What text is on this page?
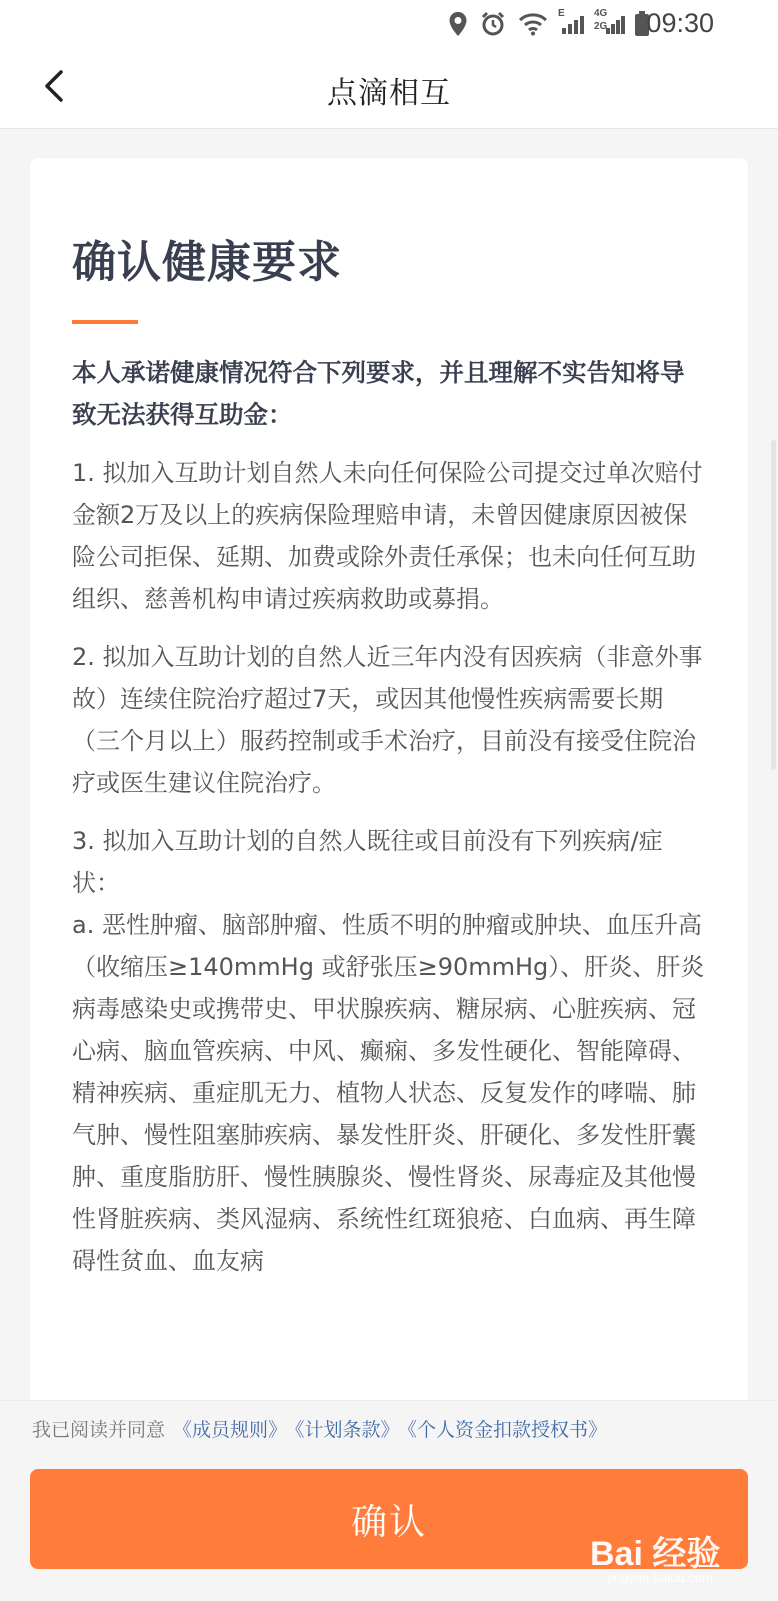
E	4G
2G 09:30
点滴相互
确认健康要求

本人承诺健康情况符合下列要求，并且理解不实告知将导致无法获得互助金：

1. 拟加入互助计划自然人未向任何保险公司提交过单次赔付金额2万及以上的疾病保险理赔申请，未曾因健康原因被保险公司拒保、延期、加费或除外责任承保；也未向任何互助组织、慈善机构申请过疾病救助或募捐。

2. 拟加入互助计划的自然人近三年内没有因疾病（非意外事故）连续住院治疗超过7天，或因其他慢性疾病需要长期（三个月以上）服药控制或手术治疗，目前没有接受住院治疗或医生建议住院治疗。

3. 拟加入互助计划的自然人既往或目前没有下列疾病/症状：

a. 恶性肿瘤、脑部肿瘤、性质不明的肿瘤或肿块、血压升高（收缩压≥140mmHg 或舒张压≥90mmHg）、肝炎、肝炎病毒感染史或携带史、甲状腺疾病、糖尿病、心脏疾病、冠心病、脑血管疾病、中风、癫痫、多发性硬化、智能障碍、精神疾病、重症肌无力、植物人状态、反复发作的哮喘、肺气肿、慢性阻塞肺疾病、暴发性肝炎、肝硬化、多发性肝囊肿、重度脂肪肝、慢性胰腺炎、慢性肾炎、尿毒症及其他慢性肾脏疾病、类风湿病、系统性红斑狼疮、白血病、再生障碍性贫血、血友病

我已阅读并同意 《成员规则》 《计划条款》 《个人资金扣款授权书》
确认
Bai 经验
jingyan.baidu.com
